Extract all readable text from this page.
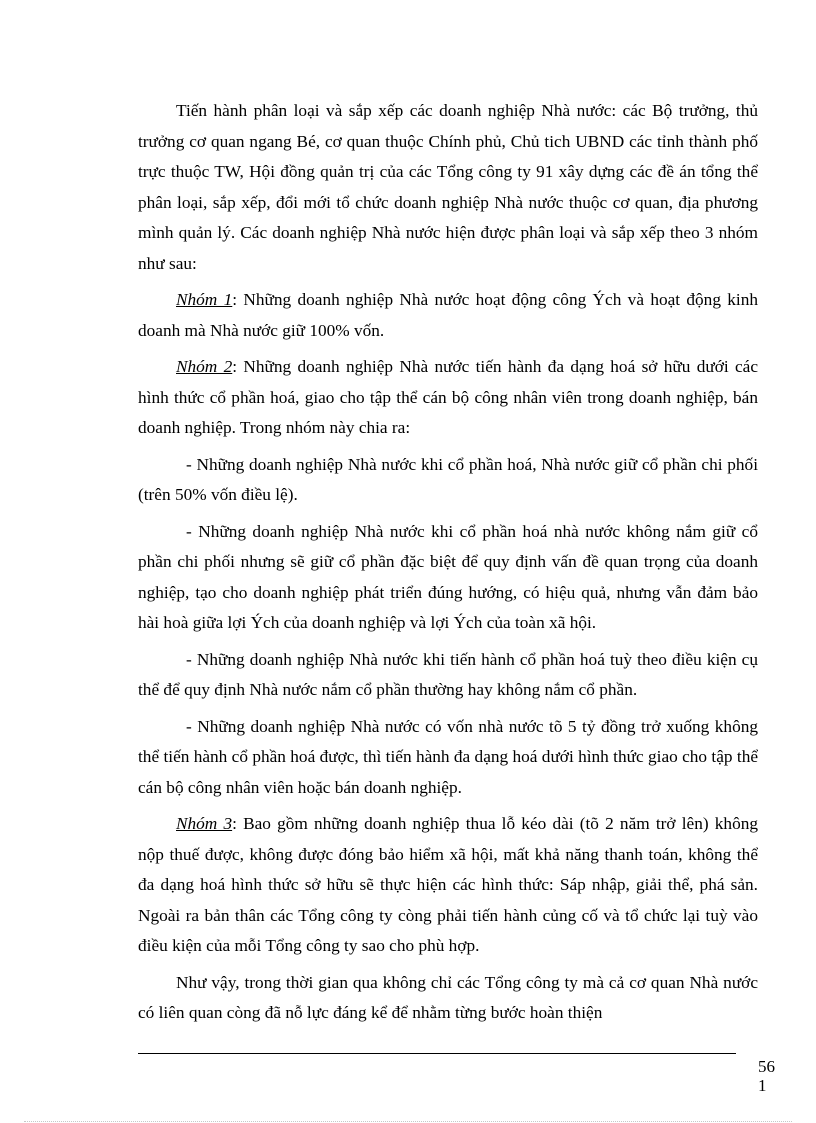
Tiến hành phân loại và sắp xếp các doanh nghiệp Nhà nước: các Bộ trưởng, thủ trưởng cơ quan ngang Bé, cơ quan thuộc Chính phủ, Chủ tich UBND các tỉnh thành phố trực thuộc TW, Hội đồng quản trị của các Tổng công ty 91 xây dựng các đề án tổng thể phân loại, sắp xếp, đổi mới tổ chức doanh nghiệp Nhà nước thuộc cơ quan, địa phương mình quản lý. Các doanh nghiệp Nhà nước hiện được phân loại và sắp xếp theo 3 nhóm như sau:

Nhóm 1: Những doanh nghiệp Nhà nước hoạt động công Ých và hoạt động kinh doanh mà Nhà nước giữ 100% vốn.

Nhóm 2: Những doanh nghiệp Nhà nước tiến hành đa dạng hoá sở hữu dưới các hình thức cổ phần hoá, giao cho tập thể cán bộ công nhân viên trong doanh nghiệp, bán doanh nghiệp. Trong nhóm này chia ra:

- Những doanh nghiệp Nhà nước khi cổ phần hoá, Nhà nước giữ cổ phần chi phối (trên 50% vốn điều lệ).

- Những doanh nghiệp Nhà nước khi cổ phần hoá nhà nước không nắm giữ cổ phần chi phối nhưng sẽ giữ cổ phần đặc biệt để quy định vấn đề quan trọng của doanh nghiệp, tạo cho doanh nghiệp phát triển đúng hướng, có hiệu quả, nhưng vẫn đảm bảo hài hoà giữa lợi Ých của doanh nghiệp và lợi Ých của toàn xã hội.

- Những doanh nghiệp Nhà nước khi tiến hành cổ phần hoá tuỳ theo điều kiện cụ thể để quy định Nhà nước nắm cổ phần thường hay không nắm cổ phần.

- Những doanh nghiệp Nhà nước có vốn nhà nước tõ 5 tỷ đồng trở xuống không thể tiến hành cổ phần hoá được, thì tiến hành đa dạng hoá dưới hình thức giao cho tập thể cán bộ công nhân viên hoặc bán doanh nghiệp.

Nhóm 3: Bao gồm những doanh nghiệp thua lỗ kéo dài (tõ 2 năm trở lên) không nộp thuế được, không được đóng bảo hiểm xã hội, mất khả năng thanh toán, không thể đa dạng hoá hình thức sở hữu sẽ thực hiện các hình thức: Sáp nhập, giải thể, phá sản. Ngoài ra bản thân các Tổng công ty còng phải tiến hành củng cố và tổ chức lại tuỳ vào điều kiện của mỗi Tổng công ty sao cho phù hợp.

Như vậy, trong thời gian qua không chỉ các Tổng công ty mà cả cơ quan Nhà nước có liên quan còng đã nỗ lực đáng kể để nhằm từng bước hoàn thiện

56
1
